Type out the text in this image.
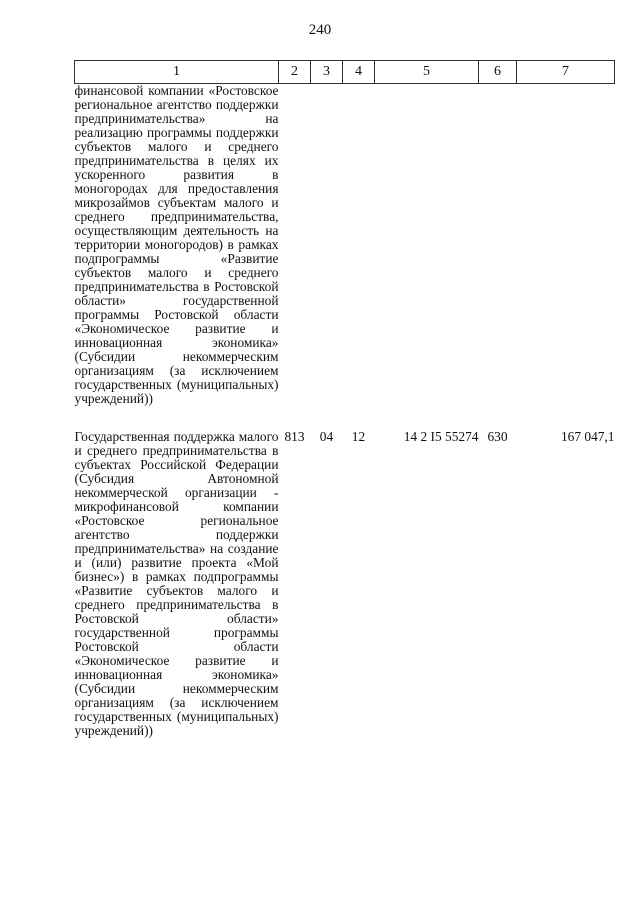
240
1	2	3	4	5	6	7
финансовой компании «Ростовское региональное агентство поддержки предпринимательства» на реализацию программы поддержки субъектов малого и среднего предпринимательства в целях их ускоренного развития в моногородах для предоставления микрозаймов субъектам малого и среднего предпринимательства, осуществляющим деятельность на территории моногородов) в рамках подпрограммы «Развитие субъектов малого и среднего предпринимательства в Ростовской области» государственной программы Ростовской области «Экономическое развитие и инновационная экономика» (Субсидии некоммерческим организациям (за исключением государственных (муниципальных) учреждений))						
Государственная поддержка малого и среднего предпринимательства в субъектах Российской Федерации (Субсидия Автономной некоммерческой организации - микрофинансовой компании «Ростовское региональное агентство поддержки предпринимательства» на создание и (или) развитие проекта «Мой бизнес») в рамках подпрограммы «Развитие субъектов малого и среднего предпринимательства в Ростовской области» государственной программы Ростовской области «Экономическое развитие и инновационная экономика» (Субсидии некоммерческим организациям (за исключением государственных (муниципальных) учреждений))	813	04	12	14 2 I5 55274	630	167 047,1
